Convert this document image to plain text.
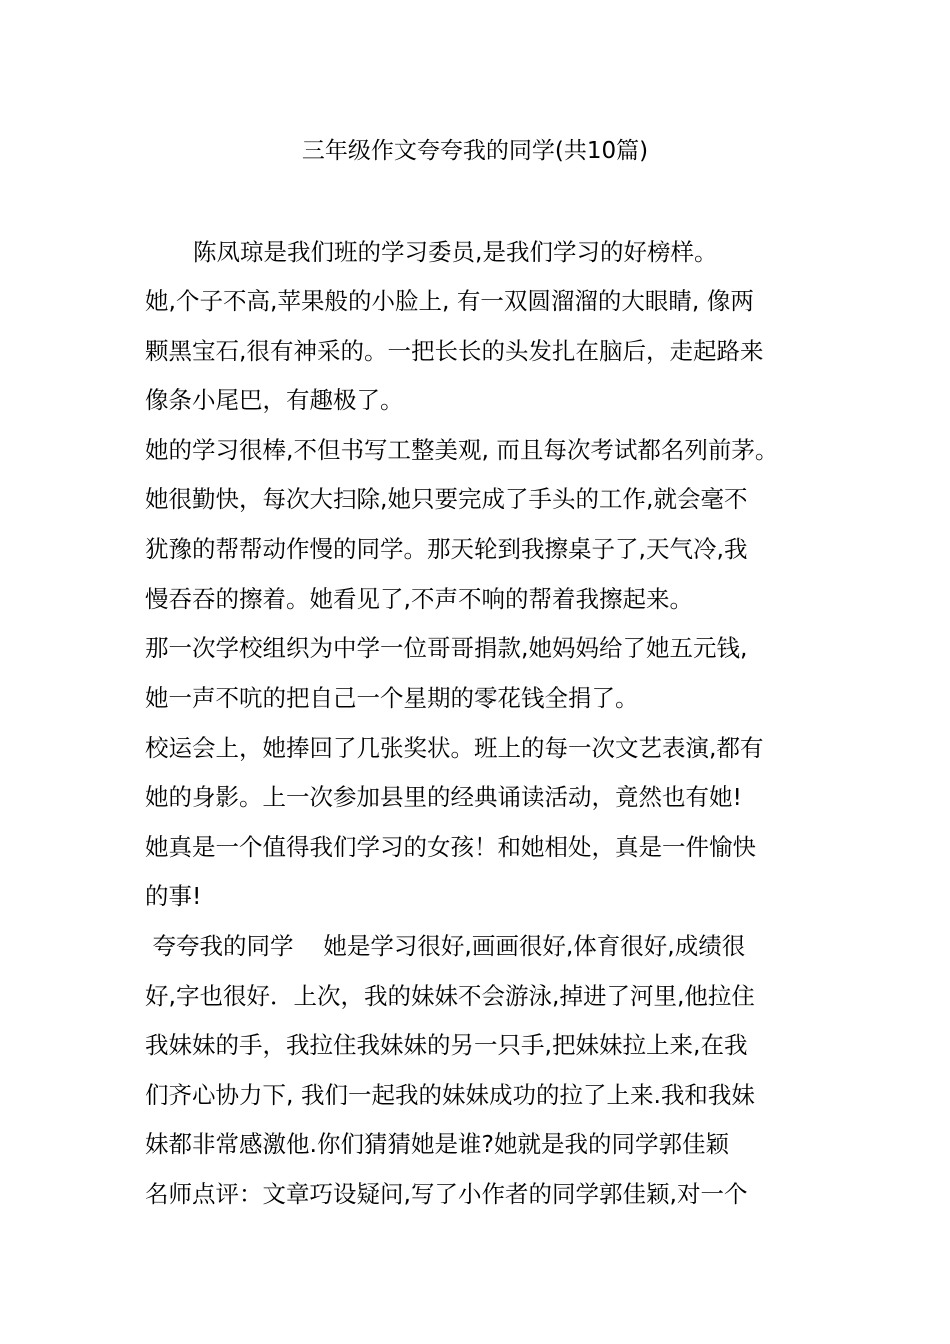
三年级作文夸夸我的同学(共10篇)
陈凤琼是我们班的学习委员,是我们学习的好榜样。
她,个子不高,苹果般的小脸上, 有一双圆溜溜的大眼睛, 像两
颗黑宝石,很有神采的。一把长长的头发扎在脑后，走起路来
像条小尾巴，有趣极了。
她的学习很棒,不但书写工整美观, 而且每次考试都名列前茅。
她很勤快，每次大扫除,她只要完成了手头的工作,就会毫不
犹豫的帮帮动作慢的同学。那天轮到我擦桌子了,天气冷,我
慢吞吞的擦着。她看见了,不声不响的帮着我擦起来。
那一次学校组织为中学一位哥哥捐款,她妈妈给了她五元钱,
她一声不吭的把自己一个星期的零花钱全捐了。
校运会上，她捧回了几张奖状。班上的每一次文艺表演,都有
她的身影。上一次参加县里的经典诵读活动，竟然也有她!
她真是一个值得我们学习的女孩！和她相处，真是一件愉快
的事!
夸夸我的同学    她是学习很好,画画很好,体育很好,成绩很
好,字也很好．上次，我的妹妹不会游泳,掉进了河里,他拉住
我妹妹的手，我拉住我妹妹的另一只手,把妹妹拉上来,在我
们齐心协力下, 我们一起我的妹妹成功的拉了上来.我和我妹
妹都非常感激他.你们猜猜她是谁?她就是我的同学郭佳颖
名师点评：文章巧设疑问,写了小作者的同学郭佳颖,对一个
